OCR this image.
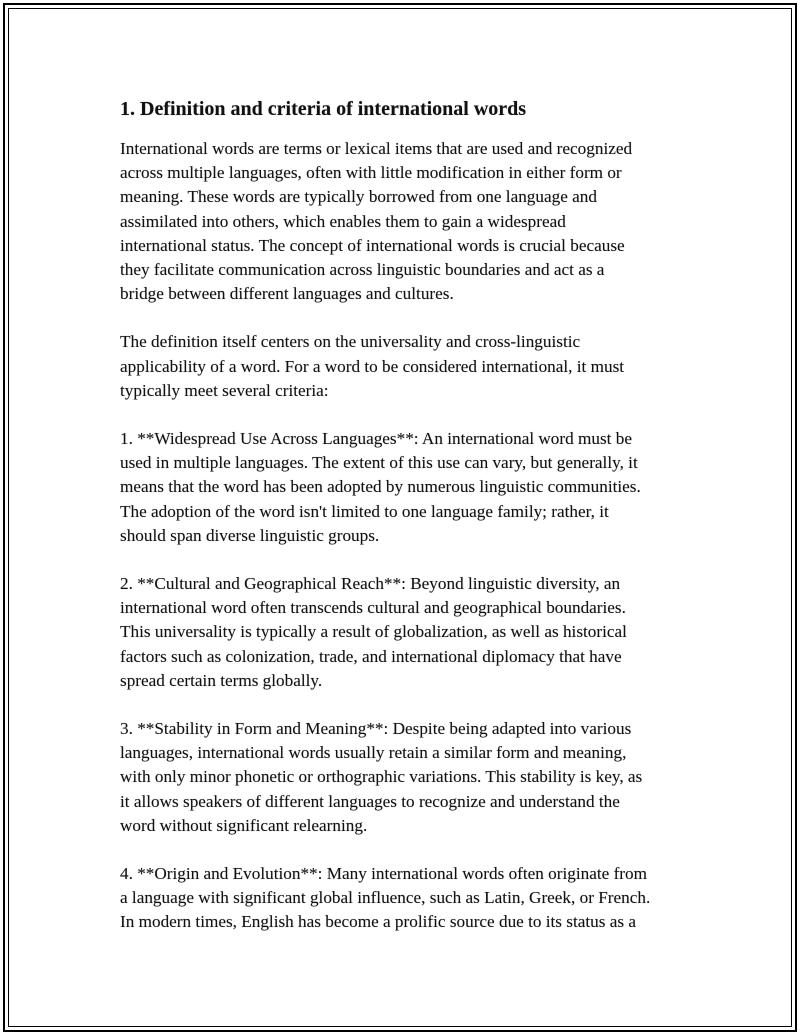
1. Definition and criteria of international words

International words are terms or lexical items that are used and recognized
across multiple languages, often with little modification in either form or
meaning. These words are typically borrowed from one language and
assimilated into others, which enables them to gain a widespread
international status. The concept of international words is crucial because
they facilitate communication across linguistic boundaries and act as a
bridge between different languages and cultures.

The definition itself centers on the universality and cross-linguistic
applicability of a word. For a word to be considered international, it must
typically meet several criteria:

1. **Widespread Use Across Languages**: An international word must be
used in multiple languages. The extent of this use can vary, but generally, it
means that the word has been adopted by numerous linguistic communities.
The adoption of the word isn't limited to one language family; rather, it
should span diverse linguistic groups.

2. **Cultural and Geographical Reach**: Beyond linguistic diversity, an
international word often transcends cultural and geographical boundaries.
This universality is typically a result of globalization, as well as historical
factors such as colonization, trade, and international diplomacy that have
spread certain terms globally.

3. **Stability in Form and Meaning**: Despite being adapted into various
languages, international words usually retain a similar form and meaning,
with only minor phonetic or orthographic variations. This stability is key, as
it allows speakers of different languages to recognize and understand the
word without significant relearning.

4. **Origin and Evolution**: Many international words often originate from
a language with significant global influence, such as Latin, Greek, or French.
In modern times, English has become a prolific source due to its status as a
